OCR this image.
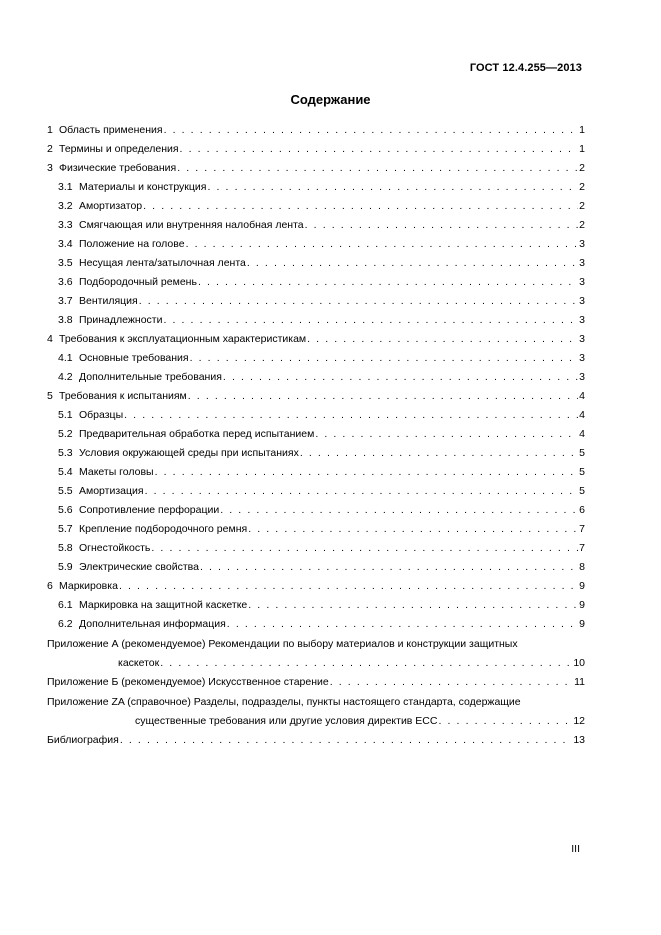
ГОСТ 12.4.255—2013
Содержание
1 Область применения . . .	1
2 Термины и определения . . .	1
3 Физические требования . . .	2
3.1 Материалы и конструкция . . .	2
3.2 Амортизатор . . .	2
3.3 Смягчающая или внутренняя налобная лента . . .	2
3.4 Положение на голове . . .	3
3.5 Несущая лента/затылочная лента . . .	3
3.6 Подбородочный ремень . . .	3
3.7 Вентиляция . . .	3
3.8 Принадлежности . . .	3
4 Требования к эксплуатационным характеристикам . . .	3
4.1 Основные требования . . .	3
4.2 Дополнительные требования . . .	3
5 Требования к испытаниям . . .	4
5.1 Образцы . . .	4
5.2 Предварительная обработка перед испытанием . . .	4
5.3 Условия окружающей среды при испытаниях . . .	5
5.4 Макеты головы . . .	5
5.5 Амортизация . . .	5
5.6 Сопротивление перфорации . . .	6
5.7 Крепление подбородочного ремня . . .	7
5.8 Огнестойкость . . .	7
5.9 Электрические свойства . . .	8
6 Маркировка . . .	9
6.1 Маркировка на защитной каскетке . . .	9
6.2 Дополнительная информация . . .	9
Приложение А (рекомендуемое) Рекомендации по выбору материалов и конструкции защитных
каскеток . . .	10
Приложение Б (рекомендуемое) Искусственное старение . . .	11
Приложение ZA (справочное) Разделы, подразделы, пункты настоящего стандарта, содержащие
существенные требования или другие условия директив ЕСС . . .	12
Библиография . . .	13
III
